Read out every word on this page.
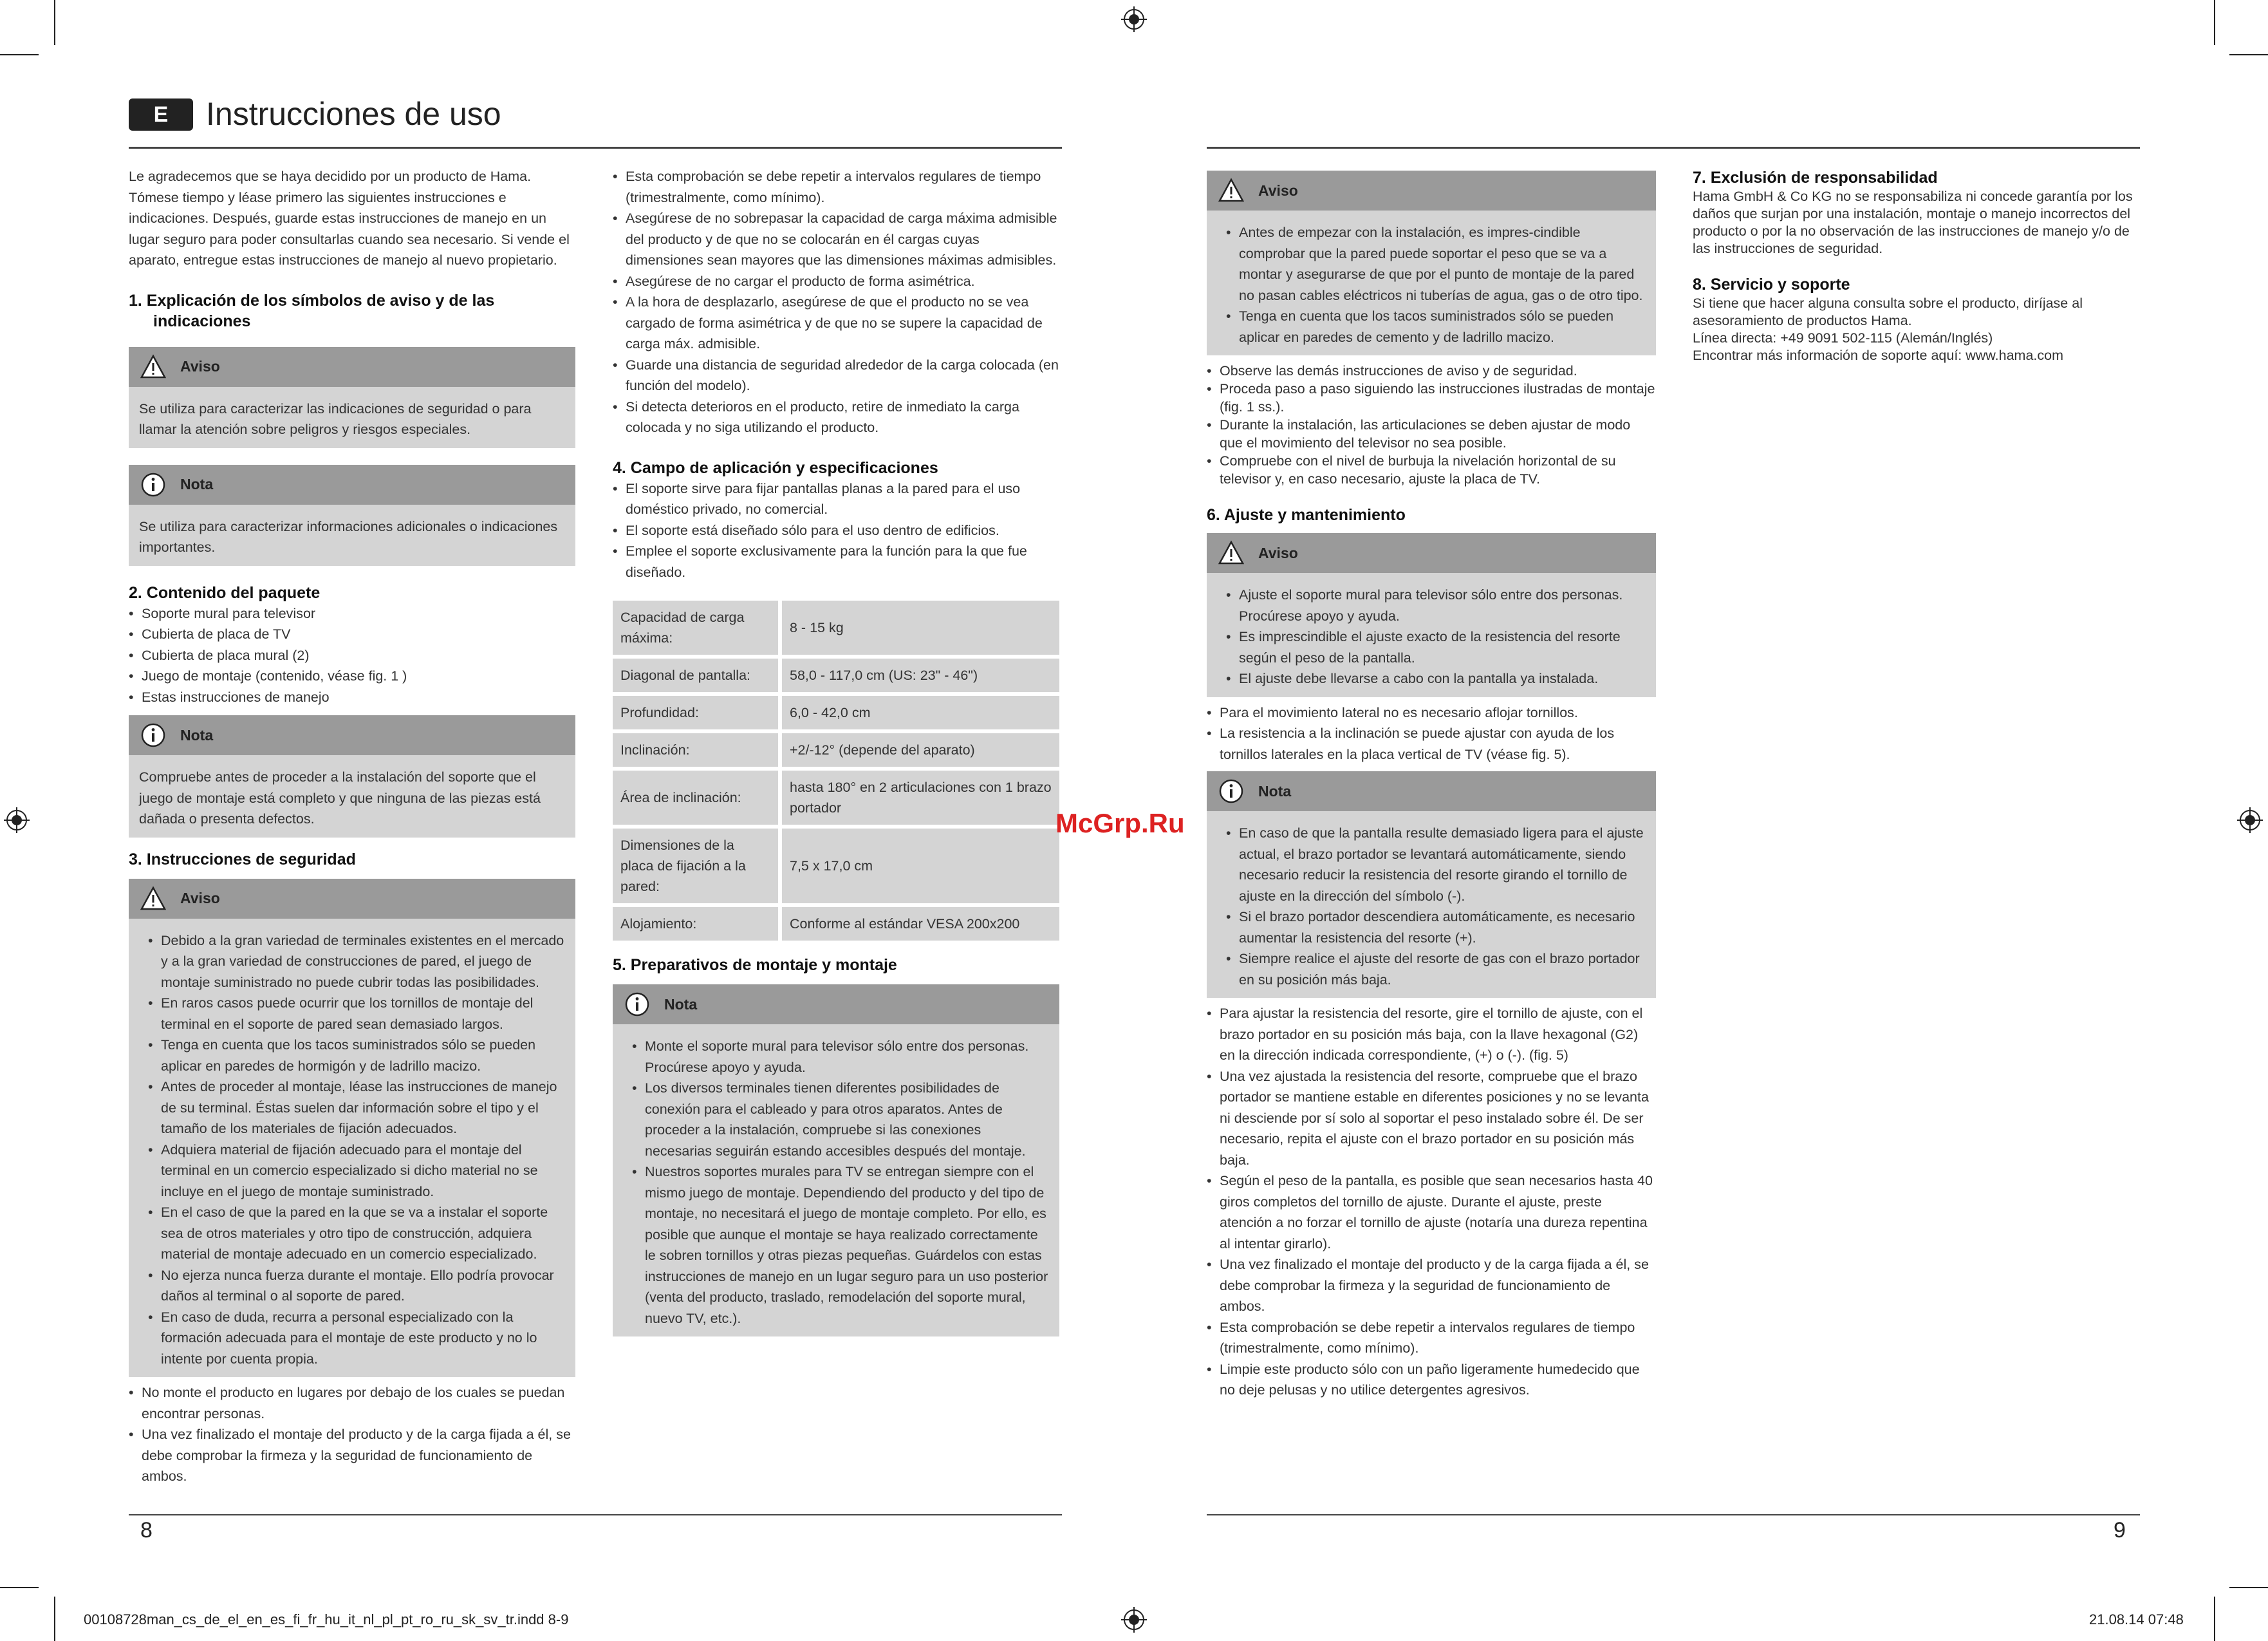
E	Instrucciones de uso

Le agradecemos que se haya decidido por un producto de Hama. Tómese tiempo y léase primero las siguientes instrucciones e indicaciones. Después, guarde estas instrucciones de manejo en un lugar seguro para poder consultarlas cuando sea necesario. Si vende el aparato, entregue estas instrucciones de manejo al nuevo propietario.

1. Explicación de los símbolos de aviso y de las indicaciones
Aviso
Se utiliza para caracterizar las indicaciones de seguridad o para llamar la atención sobre peligros y riesgos especiales.
Nota
Se utiliza para caracterizar informaciones adicionales o indicaciones importantes.
2. Contenido del paquete
• Soporte mural para televisor
• Cubierta de placa de TV
• Cubierta de placa mural (2)
• Juego de montaje (contenido, véase fig. 1 )
• Estas instrucciones de manejo
Nota
Compruebe antes de proceder a la instalación del soporte que el juego de montaje está completo y que ninguna de las piezas está dañada o presenta defectos.
3. Instrucciones de seguridad
Aviso
• Debido a la gran variedad de terminales existentes en el mercado y a la gran variedad de construcciones de pared, el juego de montaje suministrado no puede cubrir todas las posibilidades.
• En raros casos puede ocurrir que los tornillos de montaje del terminal en el soporte de pared sean demasiado largos.
• Tenga en cuenta que los tacos suministrados sólo se pueden aplicar en paredes de hormigón y de ladrillo macizo.
• Antes de proceder al montaje, léase las instrucciones de manejo de su terminal. Éstas suelen dar información sobre el tipo y el tamaño de los materiales de fijación adecuados.
• Adquiera material de fijación adecuado para el montaje del terminal en un comercio especializado si dicho material no se incluye en el juego de montaje suministrado.
• En el caso de que la pared en la que se va a instalar el soporte sea de otros materiales y otro tipo de construcción, adquiera material de montaje adecuado en un comercio especializado.
• No ejerza nunca fuerza durante el montaje. Ello podría provocar daños al terminal o al soporte de pared.
• En caso de duda, recurra a personal especializado con la formación adecuada para el montaje de este producto y no lo intente por cuenta propia.
• No monte el producto en lugares por debajo de los cuales se puedan encontrar personas.
• Una vez finalizado el montaje del producto y de la carga fijada a él, se debe comprobar la firmeza y la seguridad de funcionamiento de ambos.
• Esta comprobación se debe repetir a intervalos regulares de tiempo (trimestralmente, como mínimo).
• Asegúrese de no sobrepasar la capacidad de carga máxima admisible del producto y de que no se colocarán en él cargas cuyas dimensiones sean mayores que las dimensiones máximas admisibles.
• Asegúrese de no cargar el producto de forma asimétrica.
• A la hora de desplazarlo, asegúrese de que el producto no se vea cargado de forma asimétrica y de que no se supere la capacidad de carga máx. admisible.
• Guarde una distancia de seguridad alrededor de la carga colocada (en función del modelo).
• Si detecta deterioros en el producto, retire de inmediato la carga colocada y no siga utilizando el producto.
4. Campo de aplicación y especificaciones
• El soporte sirve para fijar pantallas planas a la pared para el uso doméstico privado, no comercial.
• El soporte está diseñado sólo para el uso dentro de edificios.
• Emplee el soporte exclusivamente para la función para la que fue diseñado.
Capacidad de carga máxima:	8 - 15 kg
Diagonal de pantalla:	58,0 - 117,0 cm (US: 23" - 46")
Profundidad:	6,0 - 42,0 cm
Inclinación:	+2/-12° (depende del aparato)
Área de inclinación:	hasta 180° en 2 articulaciones con 1 brazo portador
Dimensiones de la placa de fijación a la pared:	7,5 x 17,0 cm
Alojamiento:	Conforme al estándar VESA 200x200
5. Preparativos de montaje y montaje
Nota
• Monte el soporte mural para televisor sólo entre dos personas. Procúrese apoyo y ayuda.
• Los diversos terminales tienen diferentes posibilidades de conexión para el cableado y para otros aparatos. Antes de proceder a la instalación, compruebe si las conexiones necesarias seguirán estando accesibles después del montaje.
• Nuestros soportes murales para TV se entregan siempre con el mismo juego de montaje. Dependiendo del producto y del tipo de montaje, no necesitará el juego de montaje completo. Por ello, es posible que aunque el montaje se haya realizado correctamente le sobren tornillos y otras piezas pequeñas. Guárdelos con estas instrucciones de manejo en un lugar seguro para un uso posterior (venta del producto, traslado, remodelación del soporte mural, nuevo TV, etc.).
Aviso
• Antes de empezar con la instalación, es impres-cindible comprobar que la pared puede soportar el peso que se va a montar y asegurarse de que por el punto de montaje de la pared no pasan cables eléctricos ni tuberías de agua, gas o de otro tipo.
• Tenga en cuenta que los tacos suministrados sólo se pueden aplicar en paredes de cemento y de ladrillo macizo.
• Observe las demás instrucciones de aviso y de seguridad.
• Proceda paso a paso siguiendo las instrucciones ilustradas de montaje (fig. 1 ss.).
• Durante la instalación, las articulaciones se deben ajustar de modo que el movimiento del televisor no sea posible.
• Compruebe con el nivel de burbuja la nivelación horizontal de su televisor y, en caso necesario, ajuste la placa de TV.
6. Ajuste y mantenimiento
Aviso
• Ajuste el soporte mural para televisor sólo entre dos personas. Procúrese apoyo y ayuda.
• Es imprescindible el ajuste exacto de la resistencia del resorte según el peso de la pantalla.
• El ajuste debe llevarse a cabo con la pantalla ya instalada.
• Para el movimiento lateral no es necesario aflojar tornillos.
• La resistencia a la inclinación se puede ajustar con ayuda de los tornillos laterales en la placa vertical de TV (véase fig. 5).
Nota
• En caso de que la pantalla resulte demasiado ligera para el ajuste actual, el brazo portador se levantará automáticamente, siendo necesario reducir la resistencia del resorte girando el tornillo de ajuste en la dirección del símbolo (-).
• Si el brazo portador descendiera automáticamente, es necesario aumentar la resistencia del resorte (+).
• Siempre realice el ajuste del resorte de gas con el brazo portador en su posición más baja.
• Para ajustar la resistencia del resorte, gire el tornillo de ajuste, con el brazo portador en su posición más baja, con la llave hexagonal (G2) en la dirección indicada correspondiente, (+) o (-). (fig. 5)
• Una vez ajustada la resistencia del resorte, compruebe que el brazo portador se mantiene estable en diferentes posiciones y no se levanta ni desciende por sí solo al soportar el peso instalado sobre él. De ser necesario, repita el ajuste con el brazo portador en su posición más baja.
• Según el peso de la pantalla, es posible que sean necesarios hasta 40 giros completos del tornillo de ajuste. Durante el ajuste, preste atención a no forzar el tornillo de ajuste (notaría una dureza repentina al intentar girarlo).
• Una vez finalizado el montaje del producto y de la carga fijada a él, se debe comprobar la firmeza y la seguridad de funcionamiento de ambos.
• Esta comprobación se debe repetir a intervalos regulares de tiempo (trimestralmente, como mínimo).
• Limpie este producto sólo con un paño ligeramente humedecido que no deje pelusas y no utilice detergentes agresivos.
7. Exclusión de responsabilidad

Hama GmbH & Co KG no se responsabiliza ni concede garantía por los daños que surjan por una instalación, montaje o manejo incorrectos del producto o por la no observación de las instrucciones de manejo y/o de las instrucciones de seguridad.

8. Servicio y soporte

Si tiene que hacer alguna consulta sobre el producto, diríjase al asesoramiento de productos Hama.

Línea directa: +49 9091 502-115 (Alemán/Inglés)

Encontrar más información de soporte aquí: www.hama.com

McGrp.Ru
8	9
00108728man_cs_de_el_en_es_fi_fr_hu_it_nl_pl_pt_ro_ru_sk_sv_tr.indd 8-9	21.08.14 07:48
